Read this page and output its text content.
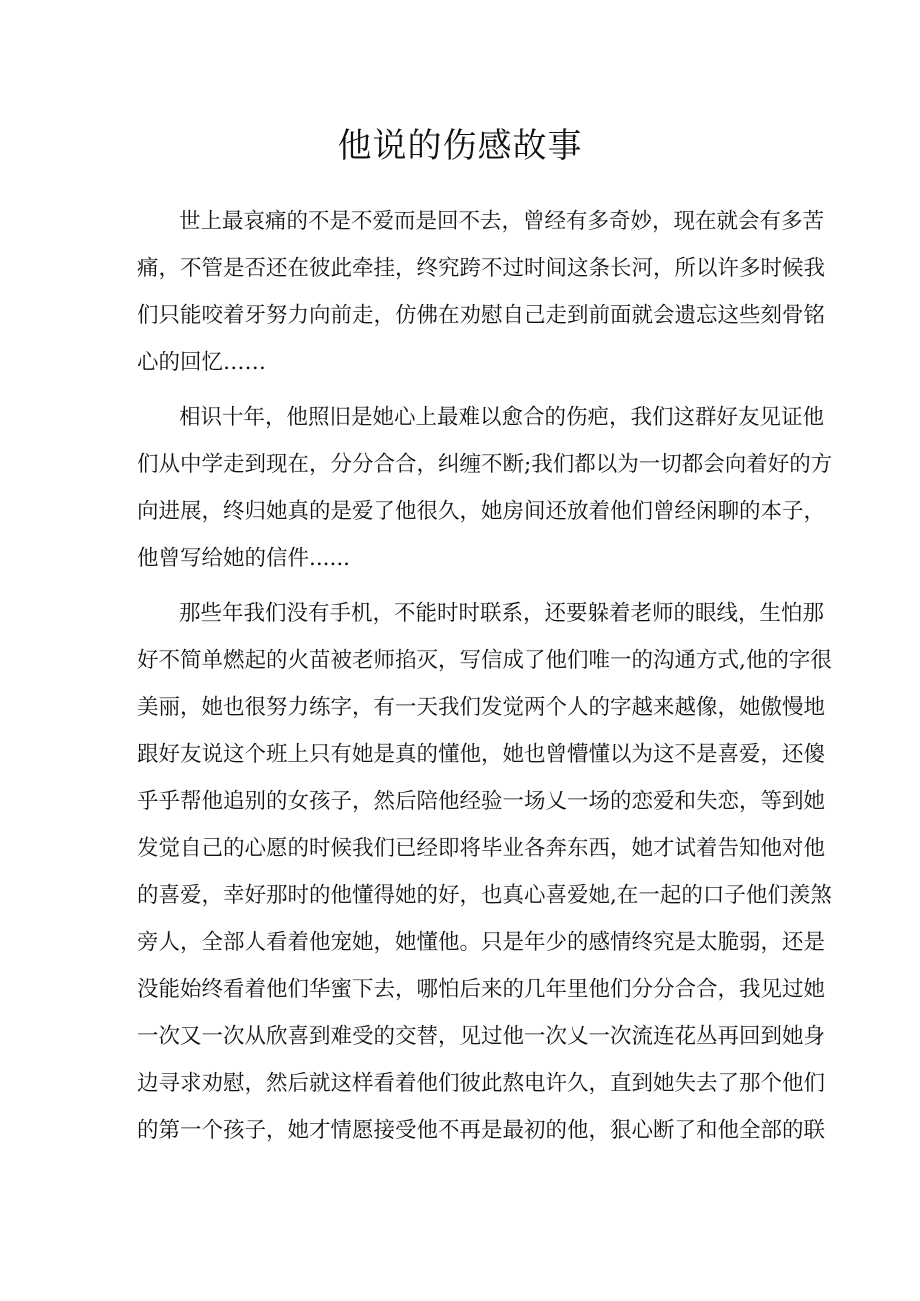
他说的伤感故事

世上最哀痛的不是不爱而是回不去，曾经有多奇妙，现在就会有多苦

痛，不管是否还在彼此牵挂，终究跨不过时间这条长河，所以许多时候我

们只能咬着牙努力向前走，仿佛在劝慰自己走到前面就会遗忘这些刻骨铭

心的回忆……

相识十年，他照旧是她心上最难以愈合的伤疤，我们这群好友见证他

们从中学走到现在，分分合合，纠缠不断;我们都以为一切都会向着好的方

向进展，终归她真的是爱了他很久，她房间还放着他们曾经闲聊的本子，

他曾写给她的信件......

那些年我们没有手机，不能时时联系，还要躲着老师的眼线，生怕那

好不简单燃起的火苗被老师掐灭，写信成了他们唯一的沟通方式,他的字很

美丽，她也很努力练字，有一天我们发觉两个人的字越来越像，她傲慢地

跟好友说这个班上只有她是真的懂他，她也曾懵懂以为这不是喜爱，还傻

乎乎帮他追别的女孩子，然后陪他经验一场乂一场的恋爱和失恋，等到她

发觉自己的心愿的时候我们已经即将毕业各奔东西，她才试着告知他对他

的喜爱，幸好那时的他懂得她的好，也真心喜爱她,在一起的口子他们羡煞

旁人，全部人看着他宠她，她懂他。只是年少的感情终究是太脆弱，还是

没能始终看着他们华蜜下去，哪怕后来的几年里他们分分合合，我见过她

一次又一次从欣喜到难受的交替，见过他一次乂一次流连花丛再回到她身

边寻求劝慰，然后就这样看着他们彼此熬电许久，直到她失去了那个他们

的第一个孩子，她才情愿接受他不再是最初的他，狠心断了和他全部的联
